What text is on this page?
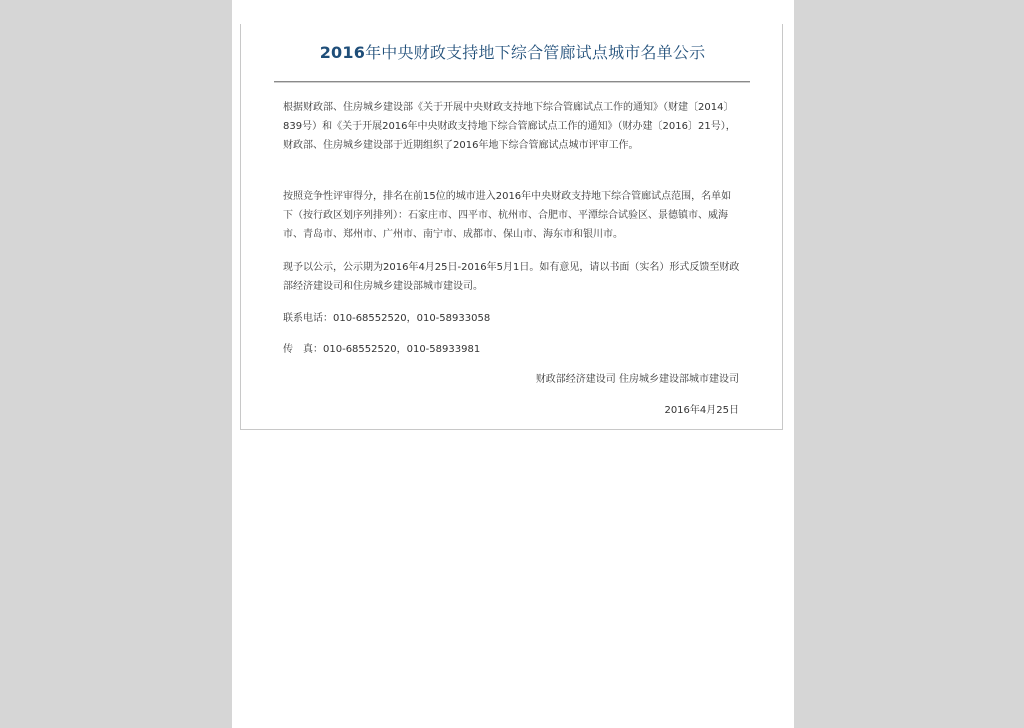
2016年中央财政支持地下综合管廊试点城市名单公示

根据财政部、住房城乡建设部《关于开展中央财政支持地下综合管廊试点工作的通知》（财建〔2014〕839号）和《关于开展2016年中央财政支持地下综合管廊试点工作的通知》（财办建〔2016〕21号），财政部、住房城乡建设部于近期组织了2016年地下综合管廊试点城市评审工作。

按照竞争性评审得分，排名在前15位的城市进入2016年中央财政支持地下综合管廊试点范围，名单如下（按行政区划序列排列）：石家庄市、四平市、杭州市、合肥市、平潭综合试验区、景德镇市、威海市、青岛市、郑州市、广州市、南宁市、成都市、保山市、海东市和银川市。

现予以公示，公示期为2016年4月25日-2016年5月1日。如有意见，请以书面（实名）形式反馈至财政部经济建设司和住房城乡建设部城市建设司。

联系电话：010-68552520，010-58933058

传　真：010-68552520，010-58933981

财政部经济建设司 住房城乡建设部城市建设司
2016年4月25日
